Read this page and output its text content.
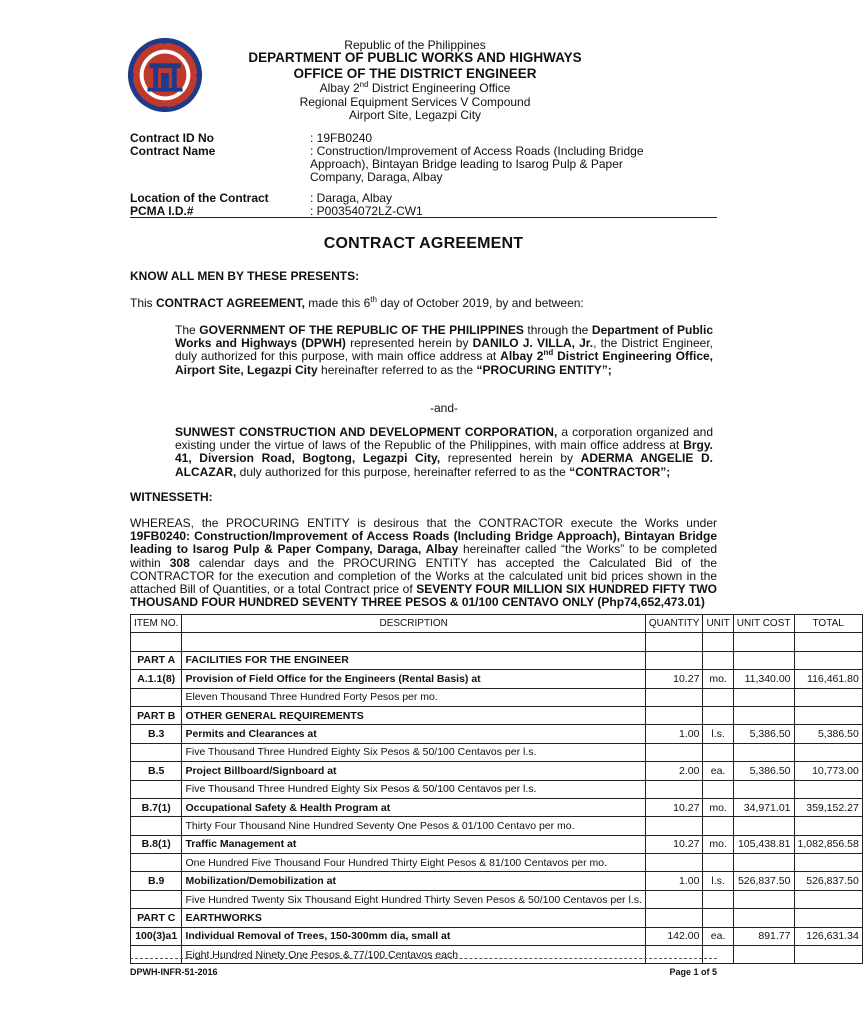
Republic of the Philippines
DEPARTMENT OF PUBLIC WORKS AND HIGHWAYS
OFFICE OF THE DISTRICT ENGINEER
Albay 2nd District Engineering Office
Regional Equipment Services V Compound
Airport Site, Legazpi City
Contract ID No	: 19FB0240
Contract Name	: Construction/Improvement of Access Roads (Including Bridge Approach), Bintayan Bridge leading to Isarog Pulp & Paper Company, Daraga, Albay
Location of the Contract	: Daraga, Albay
PCMA I.D.#	: P00354072LZ-CW1
CONTRACT AGREEMENT
KNOW ALL MEN BY THESE PRESENTS:
This CONTRACT AGREEMENT, made this 6th day of October 2019, by and between:
The GOVERNMENT OF THE REPUBLIC OF THE PHILIPPINES through the Department of Public Works and Highways (DPWH) represented herein by DANILO J. VILLA, Jr., the District Engineer, duly authorized for this purpose, with main office address at Albay 2nd District Engineering Office, Airport Site, Legazpi City hereinafter referred to as the “PROCURING ENTITY”;
-and-
SUNWEST CONSTRUCTION AND DEVELOPMENT CORPORATION, a corporation organized and existing under the virtue of laws of the Republic of the Philippines, with main office address at Brgy. 41, Diversion Road, Bogtong, Legazpi City, represented herein by ADERMA ANGELIE D. ALCAZAR, duly authorized for this purpose, hereinafter referred to as the “CONTRACTOR”;
WITNESSETH:
WHEREAS, the PROCURING ENTITY is desirous that the CONTRACTOR execute the Works under 19FB0240: Construction/Improvement of Access Roads (Including Bridge Approach), Bintayan Bridge leading to Isarog Pulp & Paper Company, Daraga, Albay hereinafter called “the Works” to be completed within 308 calendar days and the PROCURING ENTITY has accepted the Calculated Bid of the CONTRACTOR for the execution and completion of the Works at the calculated unit bid prices shown in the attached Bill of Quantities, or a total Contract price of SEVENTY FOUR MILLION SIX HUNDRED FIFTY TWO THOUSAND FOUR HUNDRED SEVENTY THREE PESOS & 01/100 CENTAVO ONLY (Php74,652,473.01)
ITEM NO.	DESCRIPTION	QUANTITY	UNIT	UNIT COST	TOTAL

PART A	FACILITIES FOR THE ENGINEER				
A.1.1(8)	Provision of Field Office for the Engineers (Rental Basis) at	10.27	mo.	11,340.00	116,461.80
	Eleven Thousand Three Hundred Forty Pesos per mo.				
PART B	OTHER GENERAL REQUIREMENTS				
B.3	Permits and Clearances at	1.00	l.s.	5,386.50	5,386.50
	Five Thousand Three Hundred Eighty Six Pesos & 50/100 Centavos per l.s.				
B.5	Project Billboard/Signboard at	2.00	ea.	5,386.50	10,773.00
	Five Thousand Three Hundred Eighty Six Pesos & 50/100 Centavos per l.s.				
B.7(1)	Occupational Safety & Health Program at	10.27	mo.	34,971.01	359,152.27
	Thirty Four Thousand Nine Hundred Seventy One Pesos & 01/100 Centavo per mo.				
B.8(1)	Traffic Management at	10.27	mo.	105,438.81	1,082,856.58
	One Hundred Five Thousand Four Hundred Thirty Eight Pesos & 81/100 Centavos per mo.				
B.9	Mobilization/Demobilization at	1.00	l.s.	526,837.50	526,837.50
	Five Hundred Twenty Six Thousand Eight Hundred Thirty Seven Pesos & 50/100 Centavos per l.s.				
PART C	EARTHWORKS				
100(3)a1	Individual Removal of Trees, 150-300mm dia, small at	142.00	ea.	891.77	126,631.34
	Eight Hundred Ninety One Pesos & 77/100 Centavos each				
DPWH-INFR-51-2016	Page 1 of 5
